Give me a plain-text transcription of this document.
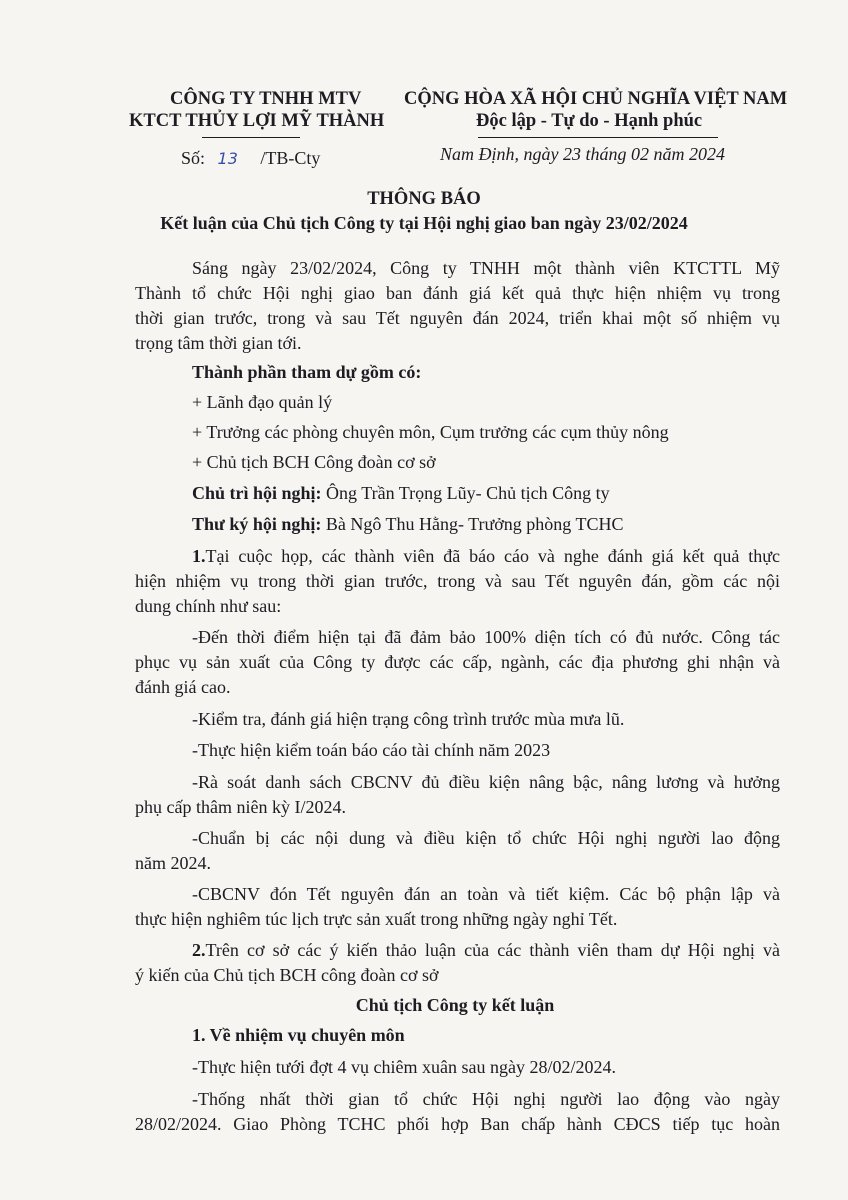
CÔNG TY TNHH MTV
KTCT THỦY LỢI MỸ THÀNH
CỘNG HÒA XÃ HỘI CHỦ NGHĨA VIỆT NAM
Độc lập - Tự do - Hạnh phúc
Số: 13 /TB-Cty	Nam Định, ngày 23 tháng 02 năm 2024
THÔNG BÁO
Kết luận của Chủ tịch Công ty tại Hội nghị giao ban ngày 23/02/2024
Sáng ngày 23/02/2024, Công ty TNHH một thành viên KTCTTL Mỹ
Thành tổ chức Hội nghị giao ban đánh giá kết quả thực hiện nhiệm vụ trong
thời gian trước, trong và sau Tết nguyên đán 2024, triển khai một số nhiệm vụ
trọng tâm thời gian tới.
Thành phần tham dự gồm có:
+ Lãnh đạo quản lý
+ Trưởng các phòng chuyên môn, Cụm trưởng các cụm thủy nông
+ Chủ tịch BCH Công đoàn cơ sở
Chủ trì hội nghị: Ông Trần Trọng Lũy- Chủ tịch Công ty
Thư ký hội nghị: Bà Ngô Thu Hằng- Trưởng phòng TCHC
1.Tại cuộc họp, các thành viên đã báo cáo và nghe đánh giá kết quả thực
hiện nhiệm vụ trong thời gian trước, trong và sau Tết nguyên đán, gồm các nội
dung chính như sau:
-Đến thời điểm hiện tại đã đảm bảo 100% diện tích có đủ nước. Công tác
phục vụ sản xuất của Công ty được các cấp, ngành, các địa phương ghi nhận và
đánh giá cao.
-Kiểm tra, đánh giá hiện trạng công trình trước mùa mưa lũ.
-Thực hiện kiểm toán báo cáo tài chính năm 2023
-Rà soát danh sách CBCNV đủ điều kiện nâng bậc, nâng lương và hưởng
phụ cấp thâm niên kỳ I/2024.
-Chuẩn bị các nội dung và điều kiện tổ chức Hội nghị người lao động
năm 2024.
-CBCNV đón Tết nguyên đán an toàn và tiết kiệm. Các bộ phận lập và
thực hiện nghiêm túc lịch trực sản xuất trong những ngày nghỉ Tết.
2.Trên cơ sở các ý kiến thảo luận của các thành viên tham dự Hội nghị và
ý kiến của Chủ tịch BCH công đoàn cơ sở
Chủ tịch Công ty kết luận
1. Về nhiệm vụ chuyên môn
-Thực hiện tưới đợt 4 vụ chiêm xuân sau ngày 28/02/2024.
-Thống nhất thời gian tổ chức Hội nghị người lao động vào ngày
28/02/2024. Giao Phòng TCHC phối hợp Ban chấp hành CĐCS tiếp tục hoàn
